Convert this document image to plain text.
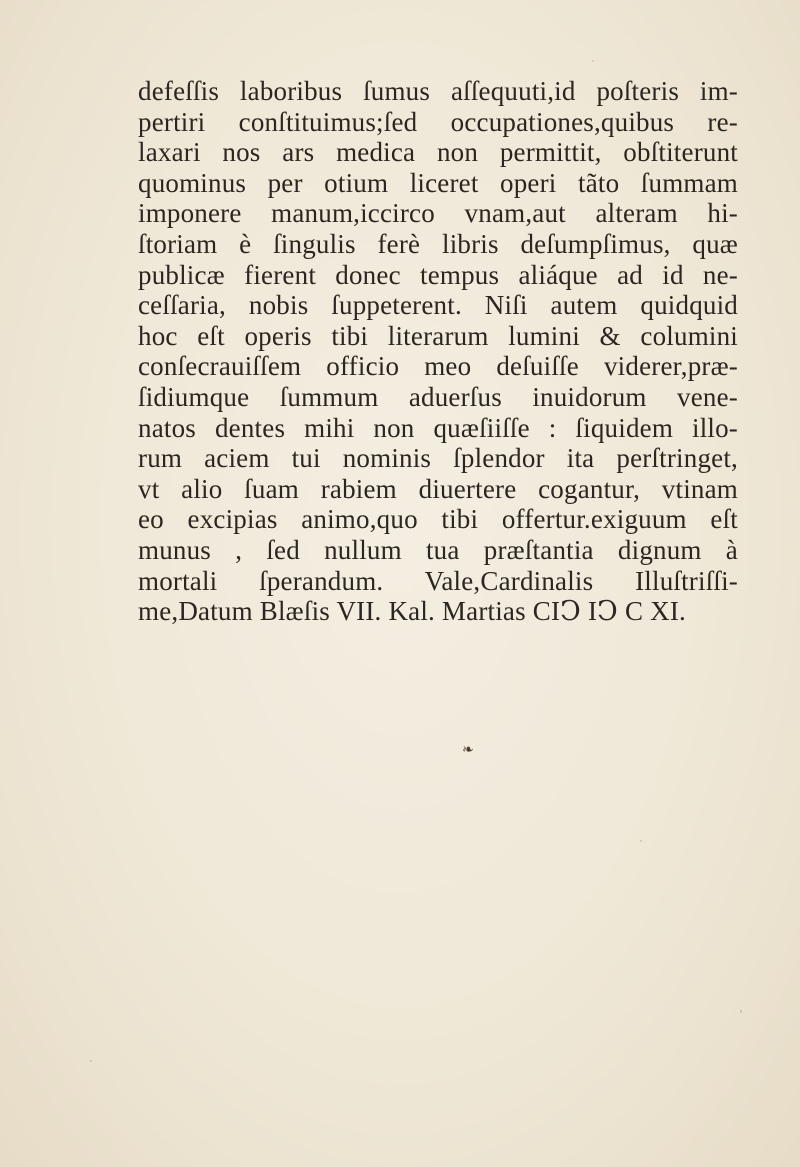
defeſſis laboribus ſumus aſſequuti,id poſteris im-
pertiri conſtituimus;ſed occupationes,quibus re-
laxari nos ars medica non permittit, obſtiterunt
quominus per otium liceret operi tãto ſummam
imponere manum,iccirco vnam,aut alteram hi-
ſtoriam è ſingulis ferè libris deſumpſimus, quæ
publicæ fierent donec tempus aliáque ad id ne-
ceſſaria, nobis ſuppeterent. Niſi autem quidquid
hoc eſt operis tibi literarum lumini & columini
conſecrauiſſem officio meo deſuiſſe viderer,præ-
ſidiumque ſummum aduerſus inuidorum vene-
natos dentes mihi non quæſiiſſe : ſiquidem illo-
rum aciem tui nominis ſplendor ita perſtringet,
vt alio ſuam rabiem diuertere cogantur, vtinam
eo excipias animo,quo tibi offertur.exiguum eſt
munus , ſed nullum tua præſtantia dignum à
mortali ſperandum. Vale,Cardinalis Illuſtriſſi-
me,Datum Blæſis VII. Kal. Martias CIↃ IↃ C XI.
❧
